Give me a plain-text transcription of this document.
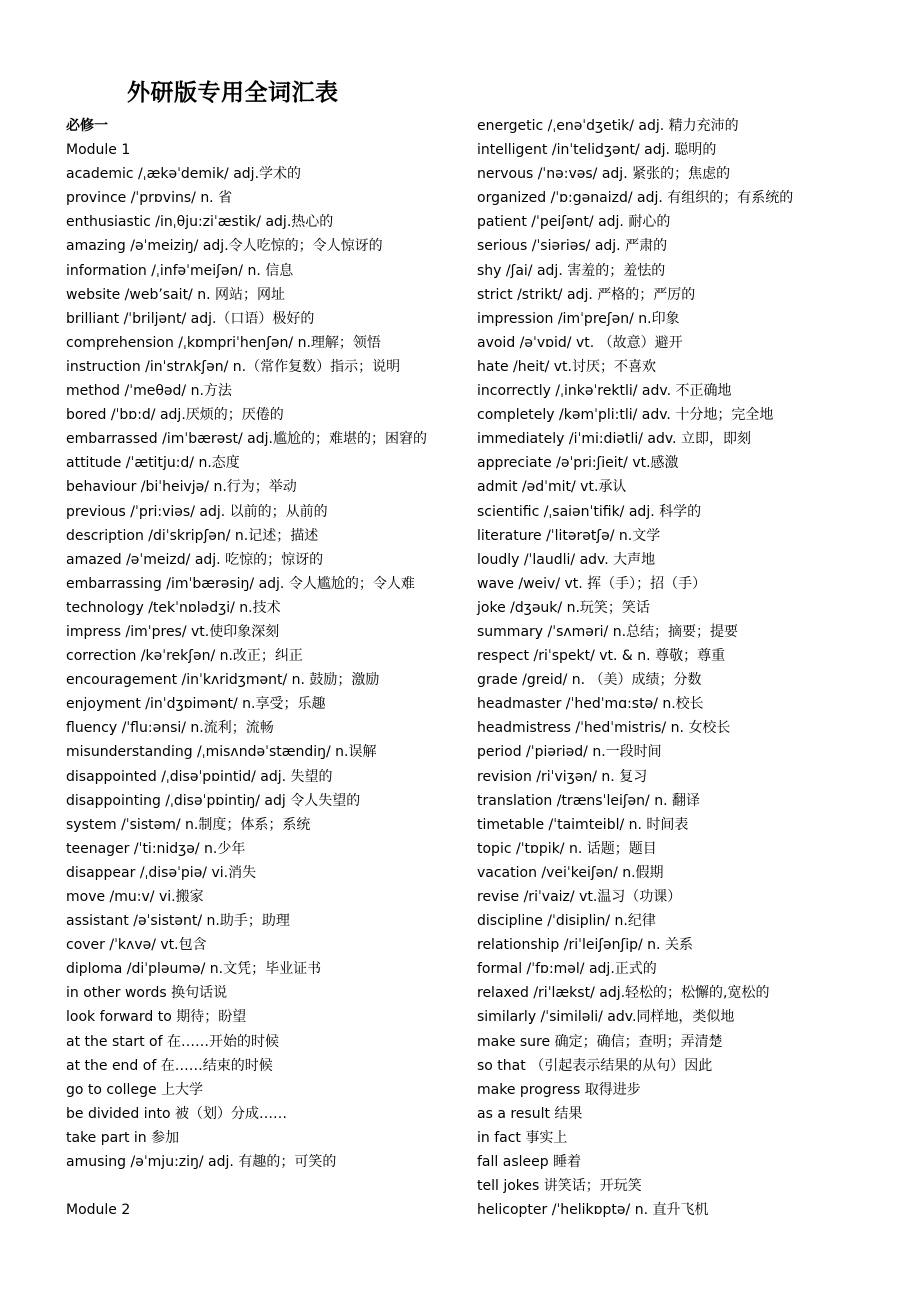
外研版专用全词汇表
必修一
Module 1
academic /ˌækəˈdemik/ adj.学术的
province /ˈprɒvins/ n. 省
enthusiastic /inˌθju:ziˈæstik/ adj.热心的
amazing /əˈmeiziŋ/ adj.令人吃惊的；令人惊讶的
information /ˌinfəˈmeiʃən/ n. 信息
website /web’sait/ n. 网站；网址
brilliant /ˈbriljənt/ adj.（口语）极好的
comprehension /ˌkɒmpriˈhenʃən/ n.理解；领悟
instruction /inˈstrʌkʃən/ n.（常作复数）指示；说明
method /ˈmeθəd/ n.方法
bored /ˈbɒ:d/ adj.厌烦的；厌倦的
embarrassed /imˈbærəst/ adj.尴尬的；难堪的；困窘的
attitude /ˈætitju:d/ n.态度
behaviour /biˈheivjə/ n.行为；举动
previous /ˈpri:viəs/ adj. 以前的；从前的
description /diˈskripʃən/ n.记述；描述
amazed /əˈmeizd/ adj. 吃惊的；惊讶的
embarrassing /imˈbærəsiŋ/ adj. 令人尴尬的；令人难
technology /tekˈnɒlədʒi/ n.技术
impress /imˈpres/ vt.使印象深刻
correction /kəˈrekʃən/ n.改正；纠正
encouragement /inˈkʌridʒmənt/ n. 鼓励；激励
enjoyment /inˈdʒɒimənt/ n.享受；乐趣
fluency /ˈflu:ənsi/ n.流利；流畅
misunderstanding /ˌmisʌndəˈstændiŋ/ n.误解
disappointed /ˌdisəˈpɒintid/ adj. 失望的
disappointing /ˌdisəˈpɒintiŋ/ adj 令人失望的
system /ˈsistəm/ n.制度；体系；系统
teenager /ˈti:nidʒə/ n.少年
disappear /ˌdisəˈpiə/ vi.消失
move /mu:v/ vi.搬家
assistant /əˈsistənt/ n.助手；助理
cover /ˈkʌvə/ vt.包含
diploma /diˈpləumə/ n.文凭；毕业证书
in other words 换句话说
look forward to 期待；盼望
at the start of 在……开始的时候
at the end of 在……结束的时候
go to college 上大学
be divided into 被（划）分成……
take part in 参加
amusing /əˈmju:ziŋ/ adj. 有趣的；可笑的
Module 2
energetic /ˌenəˈdʒetik/ adj. 精力充沛的
intelligent /inˈtelidʒənt/ adj. 聪明的
nervous /ˈnə:vəs/ adj. 紧张的；焦虑的
organized /ˈɒ:gənaizd/ adj. 有组织的；有系统的
patient /ˈpeiʃənt/ adj. 耐心的
serious /ˈsiəriəs/ adj. 严肃的
shy /ʃai/ adj. 害羞的；羞怯的
strict /strikt/ adj. 严格的；严厉的
impression /imˈpreʃən/ n.印象
avoid /əˈvɒid/ vt. （故意）避开
hate /heit/ vt.讨厌；不喜欢
incorrectly /ˌinkəˈrektli/ adv. 不正确地
completely /kəmˈpli:tli/ adv. 十分地；完全地
immediately /iˈmi:diətli/ adv. 立即，即刻
appreciate /əˈpri:ʃieit/ vt.感激
admit /ədˈmit/ vt.承认
scientific /ˌsaiənˈtifik/ adj. 科学的
literature /ˈlitərətʃə/ n.文学
loudly /ˈlaudli/ adv. 大声地
wave /weiv/ vt. 挥（手）；招（手）
joke /dʒəuk/ n.玩笑；笑话
summary /ˈsʌməri/ n.总结；摘要；提要
respect /riˈspekt/ vt. & n. 尊敬；尊重
grade /greid/ n. （美）成绩；分数
headmaster /ˈhedˈmɑ:stə/ n.校长
headmistress /ˈhedˈmistris/ n. 女校长
period /ˈpiəriəd/ n.一段时间
revision /riˈviʒən/ n. 复习
translation /trænsˈleiʃən/ n. 翻译
timetable /ˈtaimteibl/ n. 时间表
topic /ˈtɒpik/ n. 话题；题目
vacation /veiˈkeiʃən/ n.假期
revise /riˈvaiz/ vt.温习（功课）
discipline /ˈdisiplin/ n.纪律
relationship /riˈleiʃənʃip/ n. 关系
formal /ˈfɒ:məl/ adj.正式的
relaxed /riˈlækst/ adj.轻松的；松懈的,宽松的
similarly /ˈsimiləli/ adv.同样地，类似地
make sure 确定；确信；查明；弄清楚
so that （引起表示结果的从句）因此
make progress 取得进步
as a result 结果
in fact 事实上
fall asleep 睡着
tell jokes 讲笑话；开玩笑
helicopter /ˈhelikɒptə/ n. 直升飞机
